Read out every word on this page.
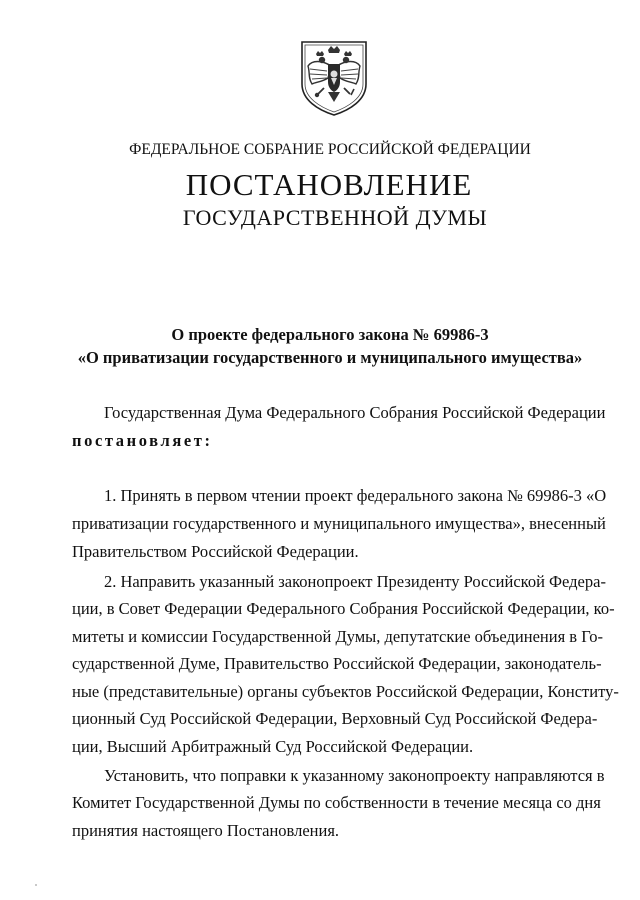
ФЕДЕРАЛЬНОЕ СОБРАНИЕ РОССИЙСКОЙ ФЕДЕРАЦИИ
ПОСТАНОВЛЕНИЕ
ГОСУДАРСТВЕННОЙ ДУМЫ
О проекте федерального закона № 69986-3
«О приватизации государственного и муниципального имущества»
Государственная Дума Федерального Собрания Российской Федерации
постановляет:
1. Принять в первом чтении проект федерального закона № 69986-3 «О
приватизации государственного и муниципального имущества», внесенный
Правительством Российской Федерации.
2. Направить указанный законопроект Президенту Российской Федера-
ции, в Совет Федерации Федерального Собрания Российской Федерации, ко-
митеты и комиссии Государственной Думы, депутатские объединения в Го-
сударственной Думе, Правительство Российской Федерации, законодатель-
ные (представительные) органы субъектов Российской Федерации, Конститу-
ционный Суд Российской Федерации, Верховный Суд Российской Федера-
ции, Высший Арбитражный Суд Российской Федерации.
Установить, что поправки к указанному законопроекту направляются в
Комитет Государственной Думы по собственности в течение месяца со дня
принятия настоящего Постановления.
